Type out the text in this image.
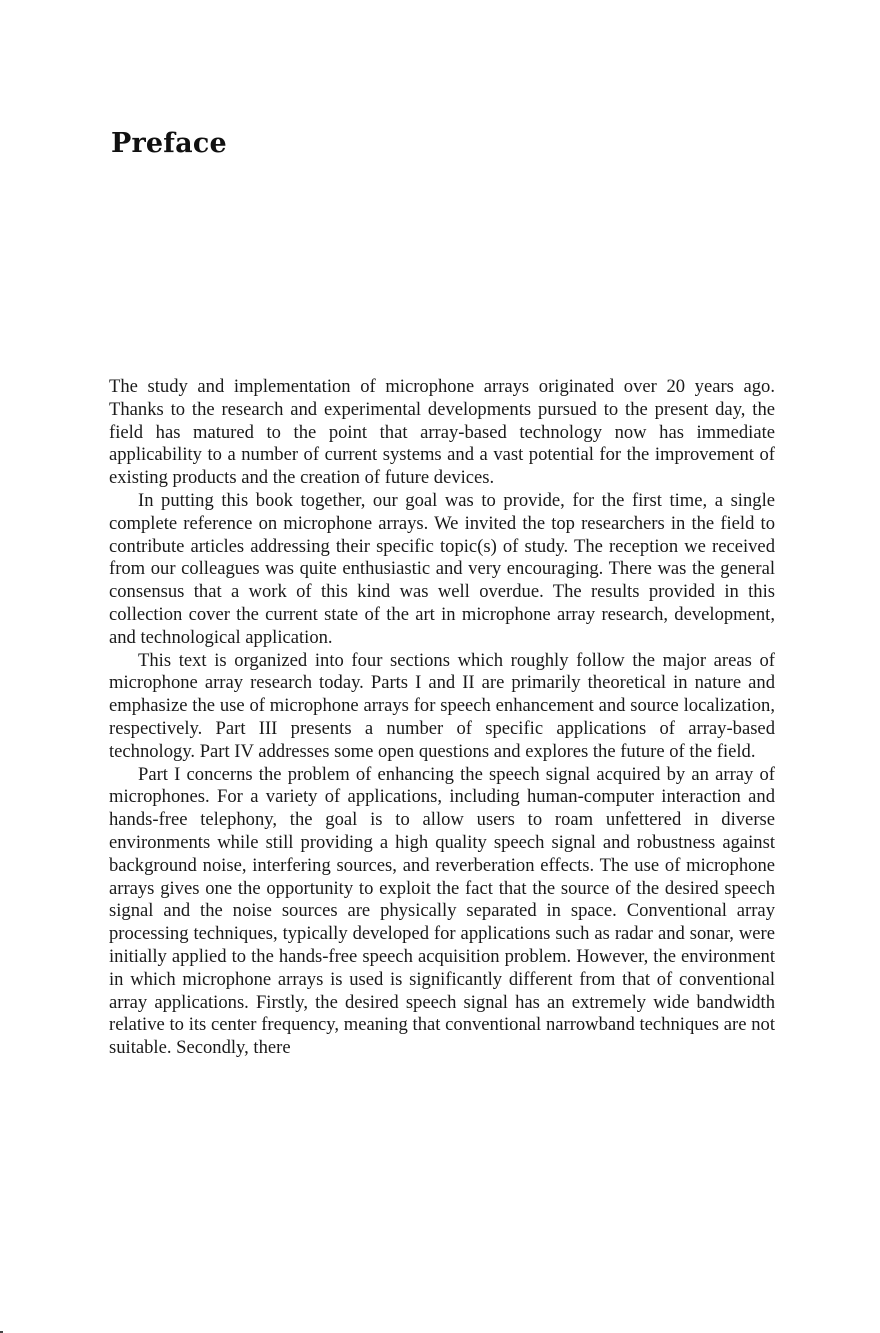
Preface

The study and implementation of microphone arrays originated over 20 years ago. Thanks to the research and experimental developments pursued to the present day, the field has matured to the point that array-based technology now has immediate applicability to a number of current systems and a vast potential for the improvement of existing products and the creation of future devices.

In putting this book together, our goal was to provide, for the first time, a single complete reference on microphone arrays. We invited the top researchers in the field to contribute articles addressing their specific topic(s) of study. The reception we received from our colleagues was quite enthusiastic and very encouraging. There was the general consensus that a work of this kind was well overdue. The results provided in this collection cover the current state of the art in microphone array research, development, and technological application.

This text is organized into four sections which roughly follow the major areas of microphone array research today. Parts I and II are primarily theoretical in nature and emphasize the use of microphone arrays for speech enhancement and source localization, respectively. Part III presents a number of specific applications of array-based technology. Part IV addresses some open questions and explores the future of the field.

Part I concerns the problem of enhancing the speech signal acquired by an array of microphones. For a variety of applications, including human-computer interaction and hands-free telephony, the goal is to allow users to roam unfettered in diverse environments while still providing a high quality speech signal and robustness against background noise, interfering sources, and reverberation effects. The use of microphone arrays gives one the opportunity to exploit the fact that the source of the desired speech signal and the noise sources are physically separated in space. Conventional array processing techniques, typically developed for applications such as radar and sonar, were initially applied to the hands-free speech acquisition problem. However, the environment in which microphone arrays is used is significantly different from that of conventional array applications. Firstly, the desired speech signal has an extremely wide bandwidth relative to its center frequency, meaning that conventional narrowband techniques are not suitable. Secondly, there
